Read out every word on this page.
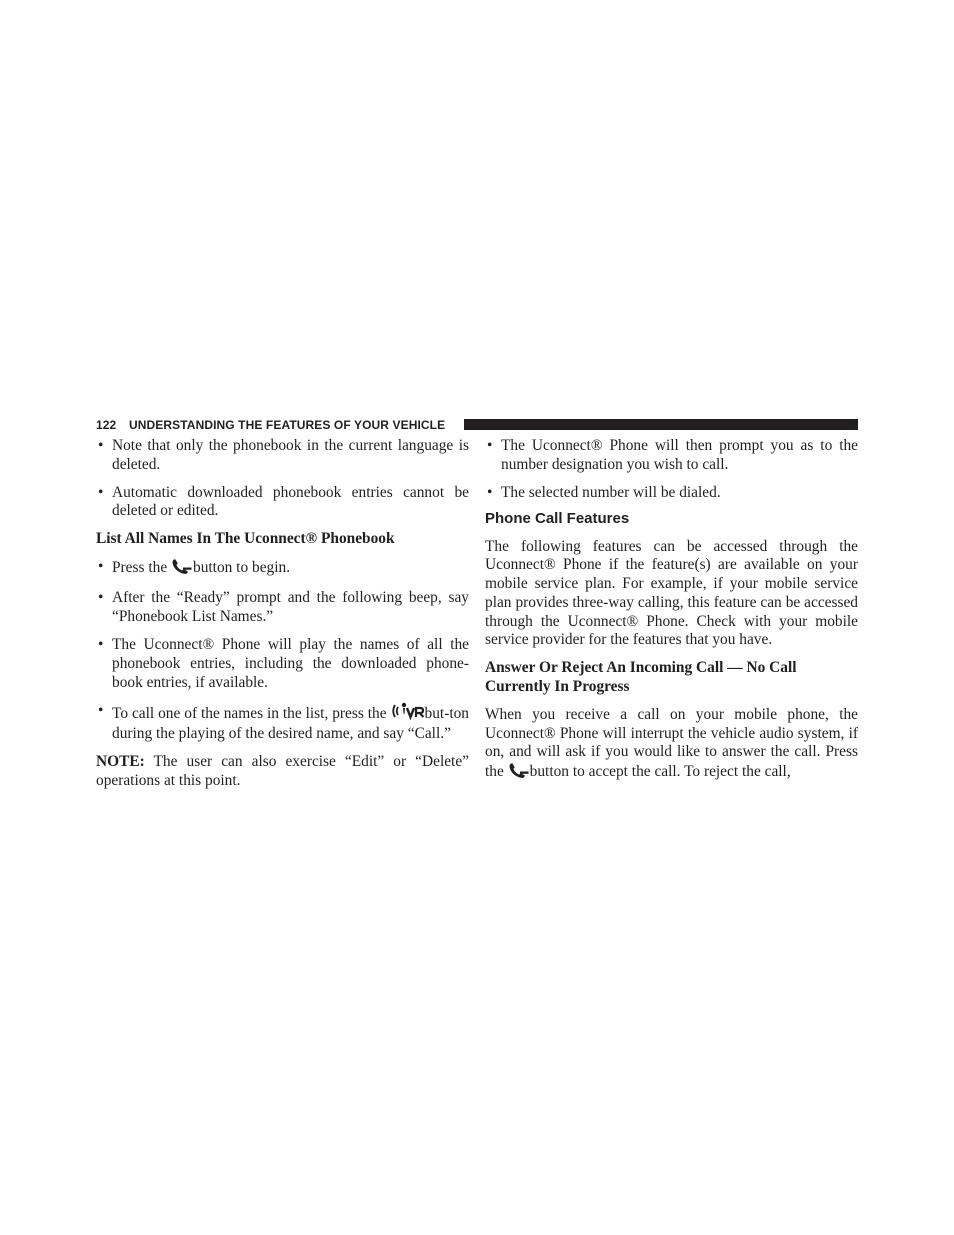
122 UNDERSTANDING THE FEATURES OF YOUR VEHICLE
• Note that only the phonebook in the current language is deleted.
• Automatic downloaded phonebook entries cannot be deleted or edited.
List All Names In The Uconnect® Phonebook
• Press the button to begin.
• After the “Ready” prompt and the following beep, say “Phonebook List Names.”
• The Uconnect® Phone will play the names of all the phonebook entries, including the downloaded phone-book entries, if available.
• To call one of the names in the list, press the but-ton during the playing of the desired name, and say “Call.”
NOTE: The user can also exercise “Edit” or “Delete” operations at this point.
• The Uconnect® Phone will then prompt you as to the number designation you wish to call.
• The selected number will be dialed.
Phone Call Features
The following features can be accessed through the Uconnect® Phone if the feature(s) are available on your mobile service plan. For example, if your mobile service plan provides three-way calling, this feature can be accessed through the Uconnect® Phone. Check with your mobile service provider for the features that you have.
Answer Or Reject An Incoming Call — No Call Currently In Progress
When you receive a call on your mobile phone, the Uconnect® Phone will interrupt the vehicle audio system, if on, and will ask if you would like to answer the call. Press the button to accept the call. To reject the call,
